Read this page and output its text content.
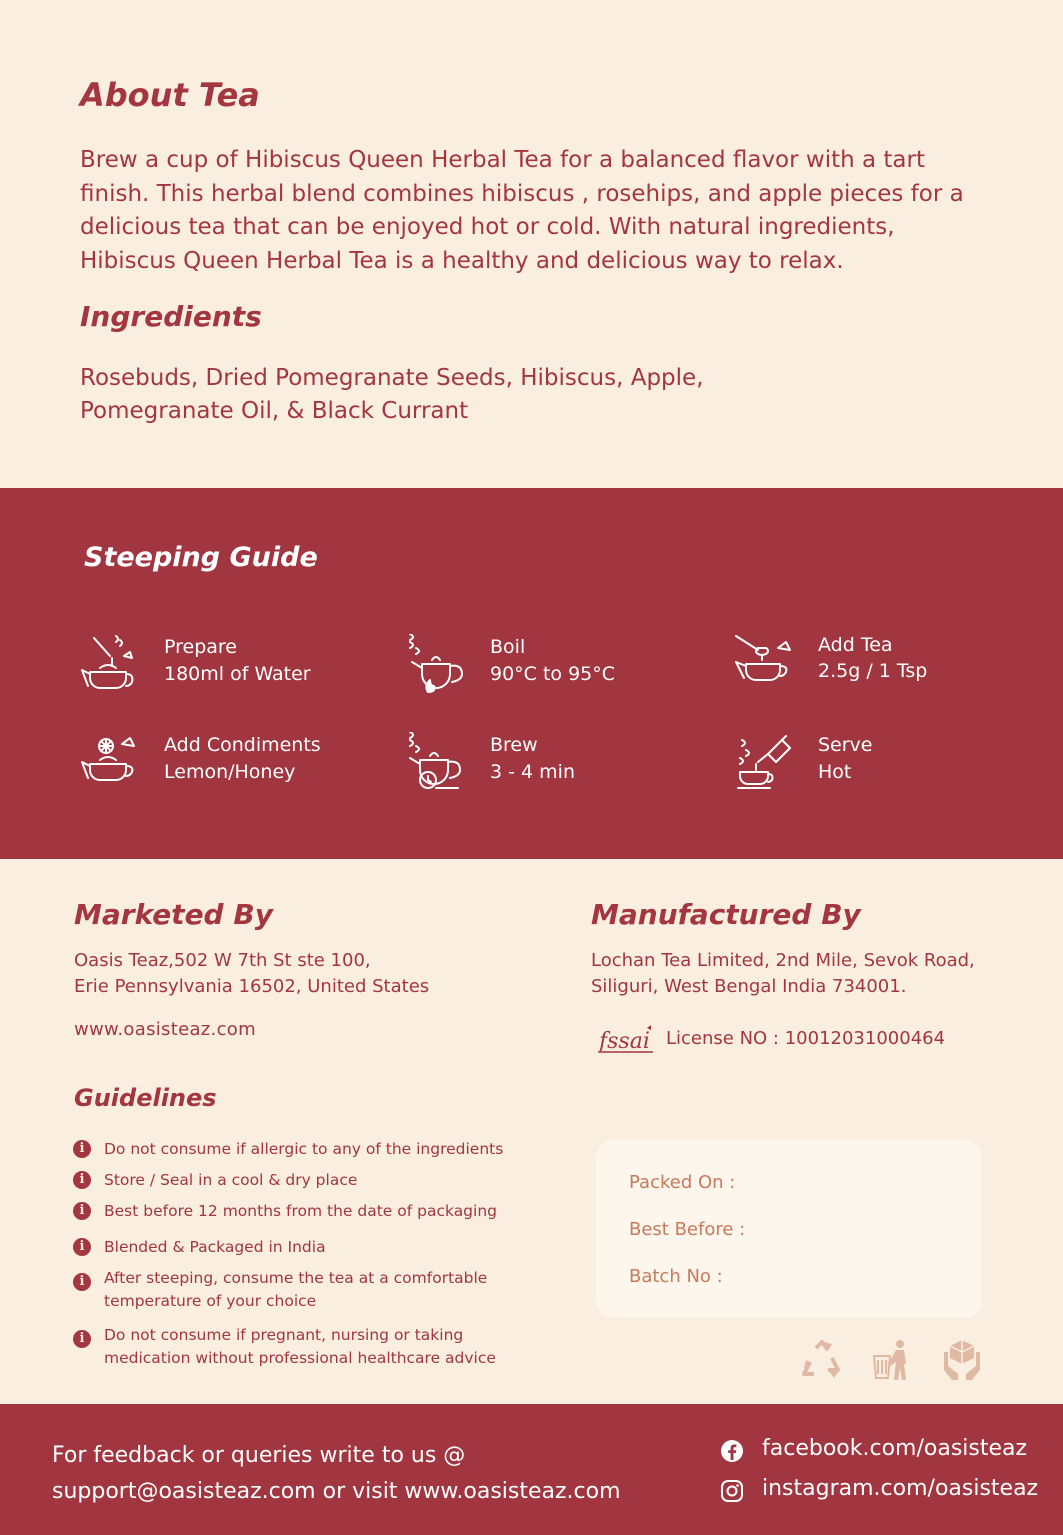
About Tea

Brew a cup of Hibiscus Queen Herbal Tea for a balanced flavor with a tart finish. This herbal blend combines hibiscus , rosehips, and apple pieces for a delicious tea that can be enjoyed hot or cold. With natural ingredients, Hibiscus Queen Herbal Tea is a healthy and delicious way to relax.

Ingredients
Rosebuds, Dried Pomegranate Seeds, Hibiscus, Apple,
Pomegranate Oil, & Black Currant
Steeping Guide
Prepare
180ml of Water
Boil
90°C to 95°C
Add Tea
2.5g / 1 Tsp
Add Condiments
Lemon/Honey
Brew
3 - 4 min
Serve
Hot
Marketed By
Oasis Teaz,502 W 7th St ste 100,
Erie Pennsylvania 16502, United States
www.oasisteaz.com
Manufactured By
Lochan Tea Limited, 2nd Mile, Sevok Road,
Siliguri, West Bengal India 734001.
fssai License NO : 10012031000464
Guidelines
i	Do not consume if allergic to any of the ingredients
i	Store / Seal in a cool & dry place
i	Best before 12 months from the date of packaging
i	Blended & Packaged in India
i	After steeping, consume the tea at a comfortable temperature of your choice
i	Do not consume if pregnant, nursing or taking medication without professional healthcare advice
Packed On :
Best Before :
Batch No :
For feedback or queries write to us @
support@oasisteaz.com or visit www.oasisteaz.com
facebook.com/oasisteaz
instagram.com/oasisteaz
